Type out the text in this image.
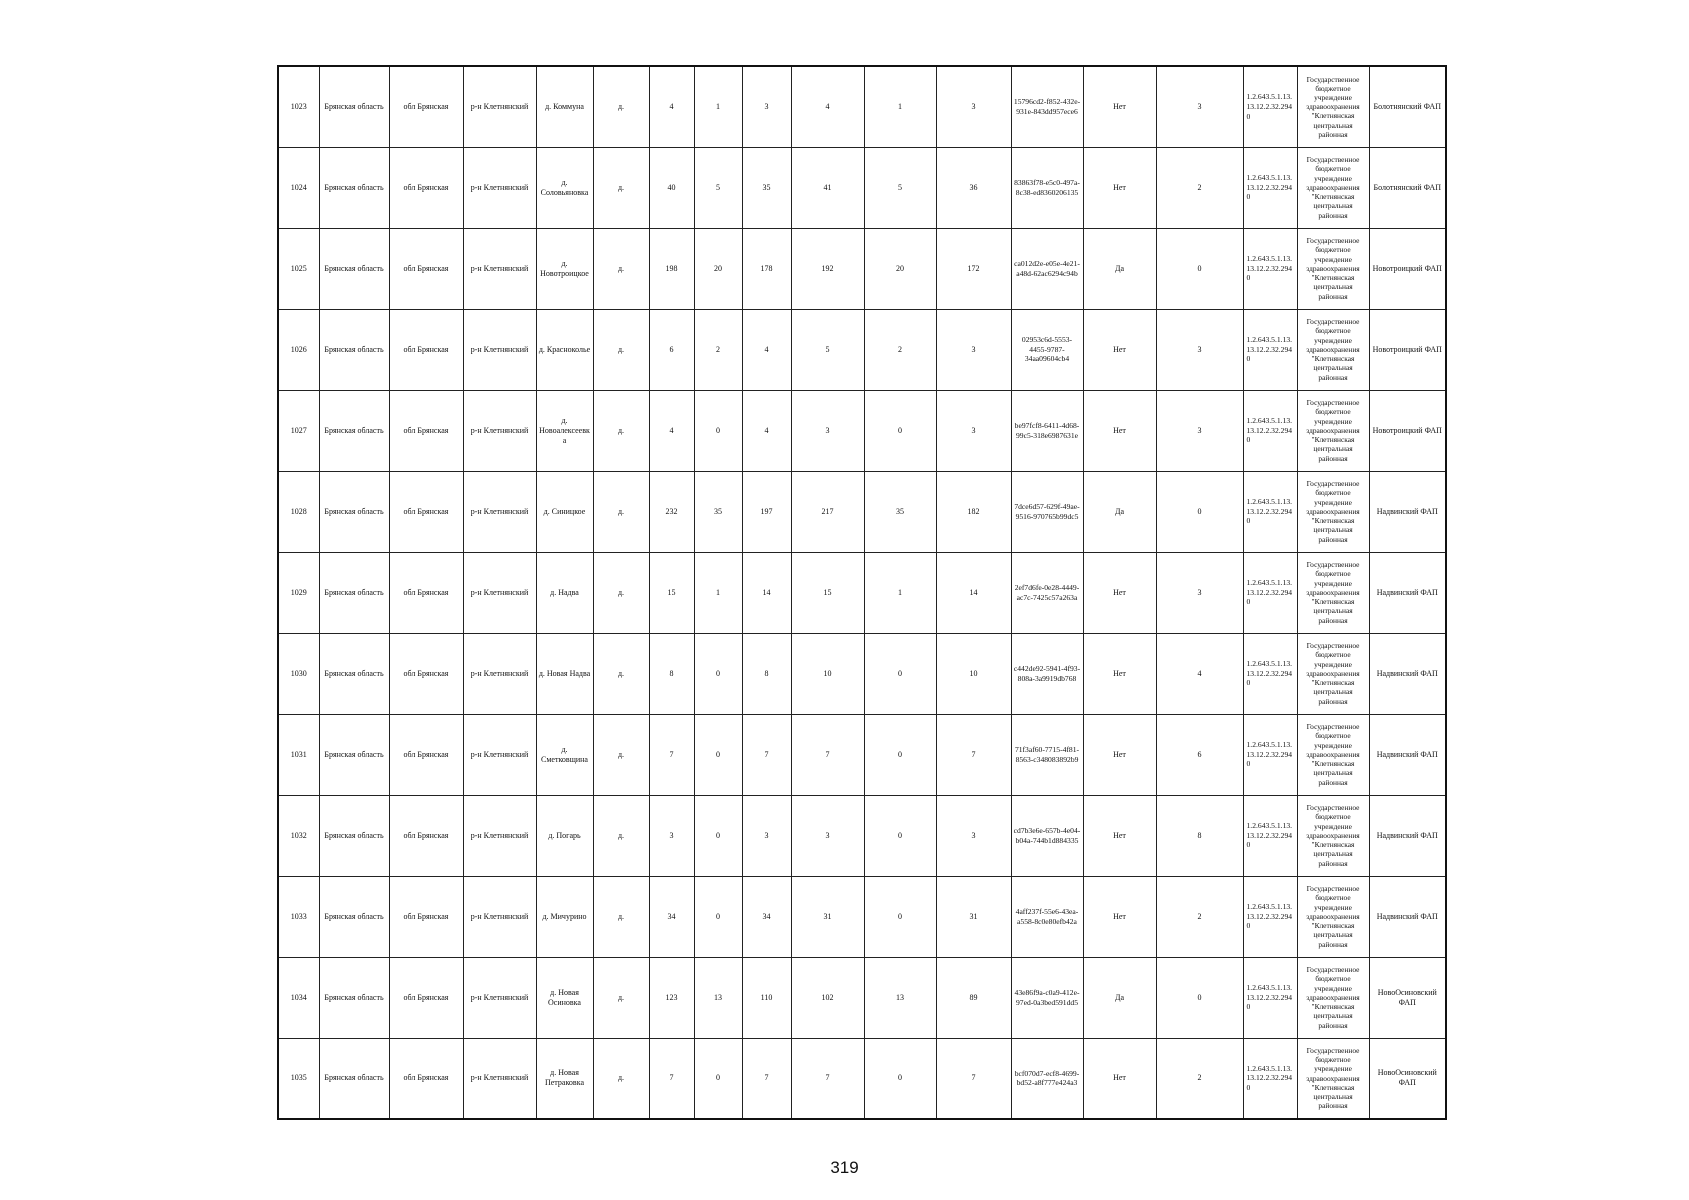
1023	Брянская область	обл Брянская	р-н Клетнянский	д. Коммуна	д.	4	1	3	4	1	3	15796cd2-f852-432e-931e-843dd957ece6	Нет	3	1.2.643.5.1.13.13.12.2.32.2940	Государственное бюджетное учреждение здравоохранения "Клетнянская центральная районная	Болотнянский ФАП
1024	Брянская область	обл Брянская	р-н Клетнянский	д. Соловьяновка	д.	40	5	35	41	5	36	83863f78-e5c0-497a-8c38-ed8360206135	Нет	2	1.2.643.5.1.13.13.12.2.32.2940	Государственное бюджетное учреждение здравоохранения "Клетнянская центральная районная	Болотнянский ФАП
1025	Брянская область	обл Брянская	р-н Клетнянский	д. Новотроицкое	д.	198	20	178	192	20	172	ca012d2e-e05e-4e21-a48d-62ac6294c94b	Да	0	1.2.643.5.1.13.13.12.2.32.2940	Государственное бюджетное учреждение здравоохранения "Клетнянская центральная районная	Новотроицкий ФАП
1026	Брянская область	обл Брянская	р-н Клетнянский	д. Красноколье	д.	6	2	4	5	2	3	02953c6d-5553-4455-9787-34aa09604cb4	Нет	3	1.2.643.5.1.13.13.12.2.32.2940	Государственное бюджетное учреждение здравоохранения "Клетнянская центральная районная	Новотроицкий ФАП
1027	Брянская область	обл Брянская	р-н Клетнянский	д. Новоалексеевка	д.	4	0	4	3	0	3	be97fcf8-6411-4d68-99c5-318e6987631e	Нет	3	1.2.643.5.1.13.13.12.2.32.2940	Государственное бюджетное учреждение здравоохранения "Клетнянская центральная районная	Новотроицкий ФАП
1028	Брянская область	обл Брянская	р-н Клетнянский	д. Синицкое	д.	232	35	197	217	35	182	7dce6d57-629f-49ae-9516-970765b99dc5	Да	0	1.2.643.5.1.13.13.12.2.32.2940	Государственное бюджетное учреждение здравоохранения "Клетнянская центральная районная	Надвинский ФАП
1029	Брянская область	обл Брянская	р-н Клетнянский	д. Надва	д.	15	1	14	15	1	14	2ef7d6fe-0e28-4449-ac7c-7425c57a263a	Нет	3	1.2.643.5.1.13.13.12.2.32.2940	Государственное бюджетное учреждение здравоохранения "Клетнянская центральная районная	Надвинский ФАП
1030	Брянская область	обл Брянская	р-н Клетнянский	д. Новая Надва	д.	8	0	8	10	0	10	c442de92-5941-4f93-808a-3a9919db768	Нет	4	1.2.643.5.1.13.13.12.2.32.2940	Государственное бюджетное учреждение здравоохранения "Клетнянская центральная районная	Надвинский ФАП
1031	Брянская область	обл Брянская	р-н Клетнянский	д. Сметковщина	д.	7	0	7	7	0	7	71f3af60-7715-4f81-8563-c348083892b9	Нет	6	1.2.643.5.1.13.13.12.2.32.2940	Государственное бюджетное учреждение здравоохранения "Клетнянская центральная районная	Надвинский ФАП
1032	Брянская область	обл Брянская	р-н Клетнянский	д. Погарь	д.	3	0	3	3	0	3	cd7b3e6e-657b-4e04-b04a-744b1d884335	Нет	8	1.2.643.5.1.13.13.12.2.32.2940	Государственное бюджетное учреждение здравоохранения "Клетнянская центральная районная	Надвинский ФАП
1033	Брянская область	обл Брянская	р-н Клетнянский	д. Мичурино	д.	34	0	34	31	0	31	4aff237f-55e6-43ea-a558-8c0e80efb42a	Нет	2	1.2.643.5.1.13.13.12.2.32.2940	Государственное бюджетное учреждение здравоохранения "Клетнянская центральная районная	Надвинский ФАП
1034	Брянская область	обл Брянская	р-н Клетнянский	д. Новая Осиновка	д.	123	13	110	102	13	89	43e86f9a-c0a9-412e-97ed-0a3bed591dd5	Да	0	1.2.643.5.1.13.13.12.2.32.2940	Государственное бюджетное учреждение здравоохранения "Клетнянская центральная районная	НовоОсиновский ФАП
1035	Брянская область	обл Брянская	р-н Клетнянский	д. Новая Петраковка	д.	7	0	7	7	0	7	bcf070d7-ecf8-4699-bd52-a8f777e424a3	Нет	2	1.2.643.5.1.13.13.12.2.32.2940	Государственное бюджетное учреждение здравоохранения "Клетнянская центральная районная	НовоОсиновский ФАП
319
